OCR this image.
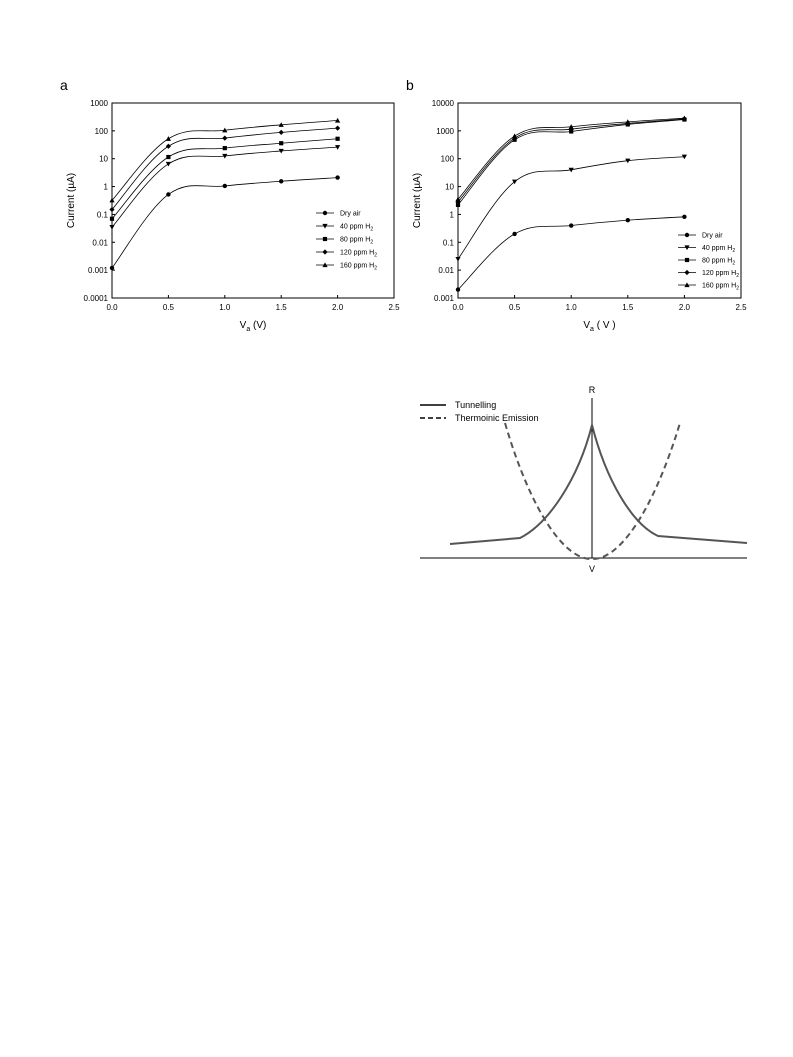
a	b
0.0001
0.001
0.01
0.1
1
10
100
1000
0.0	0.5	1.0	1.5	2.0	2.5
Current (µA)
$V_a$ (V)
Dry air
40 ppm $H_2$
80 ppm $H_2$
120 ppm $H_2$
160 ppm $H_2$
0.001
0.01
0.1
1
10
100
1000
10000
0.0	0.5	1.0	1.5	2.0	2.5
Current (µA)
$V_a$ ( V )
Dry air
40 ppm $H_2$
80 ppm $H_2$
120 ppm $H_2$
160 ppm $H_2$
R
V
Tunnelling
Thermoinic Emission
